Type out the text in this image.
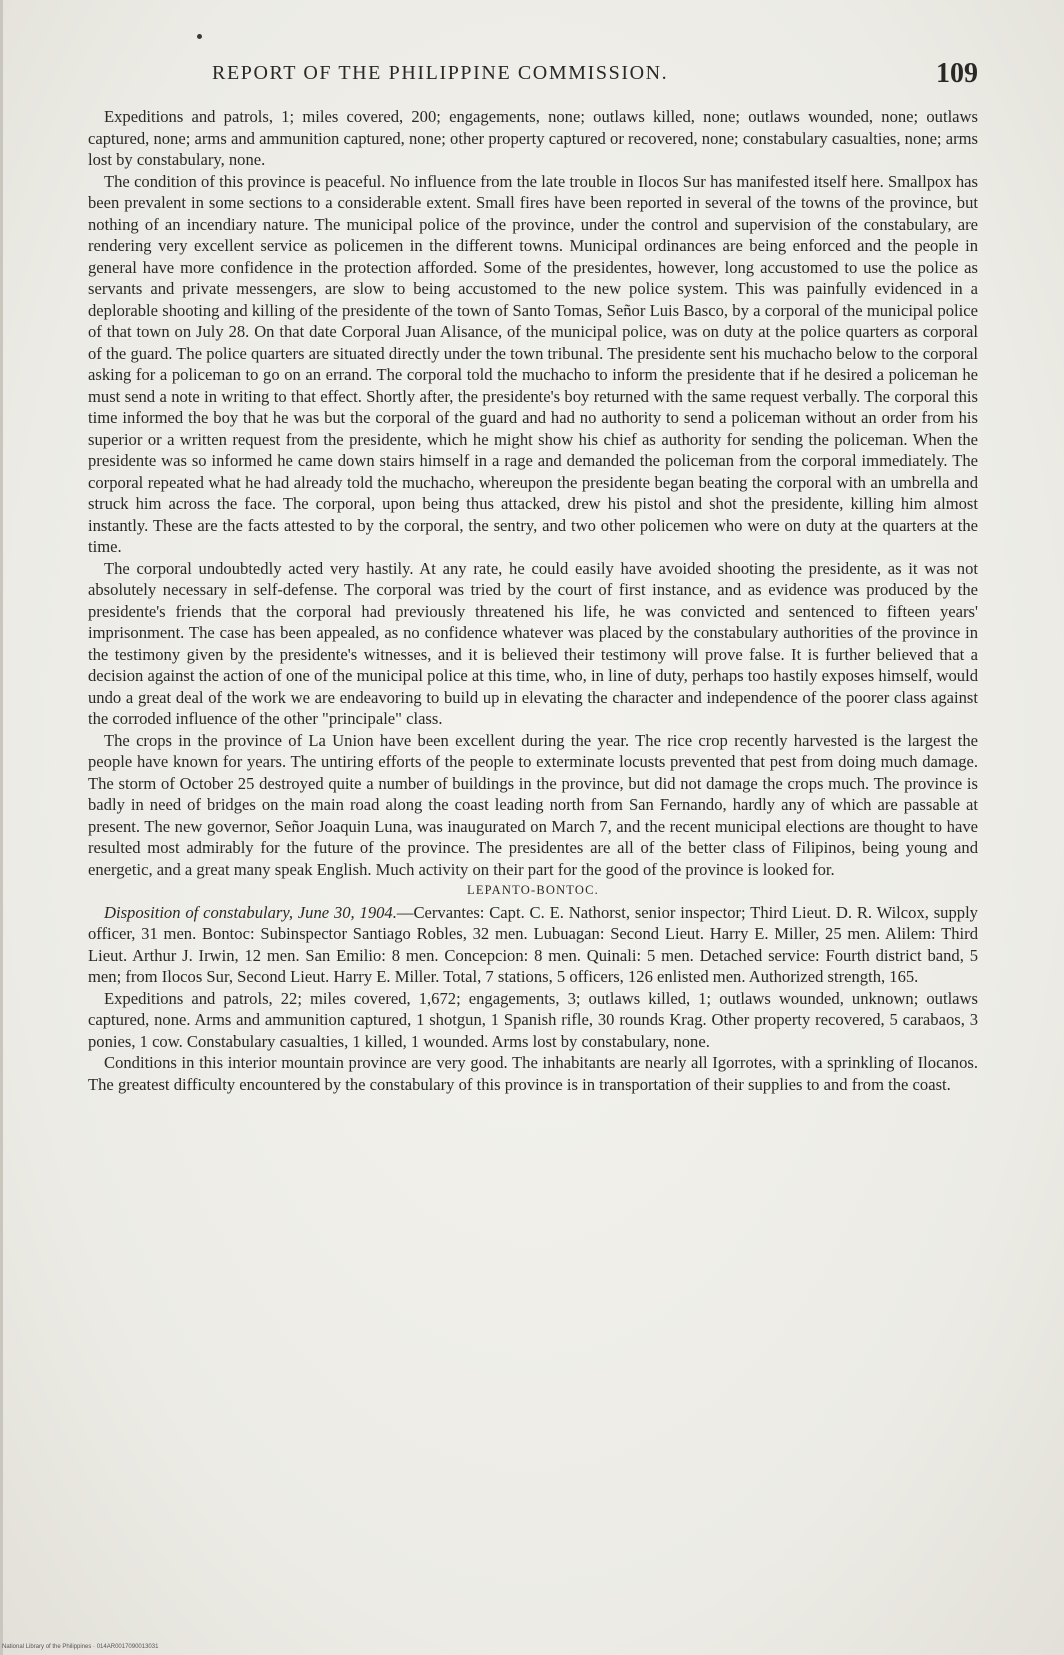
REPORT OF THE PHILIPPINE COMMISSION.	109

Expeditions and patrols, 1; miles covered, 200; engagements, none; outlaws killed, none; outlaws wounded, none; outlaws captured, none; arms and ammunition captured, none; other property captured or recovered, none; constabulary casualties, none; arms lost by constabulary, none.

The condition of this province is peaceful. No influence from the late trouble in Ilocos Sur has manifested itself here. Smallpox has been prevalent in some sections to a considerable extent. Small fires have been reported in several of the towns of the province, but nothing of an incendiary nature. The municipal police of the province, under the control and supervision of the constabulary, are rendering very excellent service as policemen in the different towns. Municipal ordinances are being enforced and the people in general have more confidence in the protection afforded. Some of the presidentes, however, long accustomed to use the police as servants and private messengers, are slow to being accustomed to the new police system. This was painfully evidenced in a deplorable shooting and killing of the presidente of the town of Santo Tomas, Señor Luis Basco, by a corporal of the municipal police of that town on July 28. On that date Corporal Juan Alisance, of the municipal police, was on duty at the police quarters as corporal of the guard. The police quarters are situated directly under the town tribunal. The presidente sent his muchacho below to the corporal asking for a policeman to go on an errand. The corporal told the muchacho to inform the presidente that if he desired a policeman he must send a note in writing to that effect. Shortly after, the presidente's boy returned with the same request verbally. The corporal this time informed the boy that he was but the corporal of the guard and had no authority to send a policeman without an order from his superior or a written request from the presidente, which he might show his chief as authority for sending the policeman. When the presidente was so informed he came down stairs himself in a rage and demanded the policeman from the corporal immediately. The corporal repeated what he had already told the muchacho, whereupon the presidente began beating the corporal with an umbrella and struck him across the face. The corporal, upon being thus attacked, drew his pistol and shot the presidente, killing him almost instantly. These are the facts attested to by the corporal, the sentry, and two other policemen who were on duty at the quarters at the time.

The corporal undoubtedly acted very hastily. At any rate, he could easily have avoided shooting the presidente, as it was not absolutely necessary in self-defense. The corporal was tried by the court of first instance, and as evidence was produced by the presidente's friends that the corporal had previously threatened his life, he was convicted and sentenced to fifteen years' imprisonment. The case has been appealed, as no confidence whatever was placed by the constabulary authorities of the province in the testimony given by the presidente's witnesses, and it is believed their testimony will prove false. It is further believed that a decision against the action of one of the municipal police at this time, who, in line of duty, perhaps too hastily exposes himself, would undo a great deal of the work we are endeavoring to build up in elevating the character and independence of the poorer class against the corroded influence of the other "principale" class.

The crops in the province of La Union have been excellent during the year. The rice crop recently harvested is the largest the people have known for years. The untiring efforts of the people to exterminate locusts prevented that pest from doing much damage. The storm of October 25 destroyed quite a number of buildings in the province, but did not damage the crops much. The province is badly in need of bridges on the main road along the coast leading north from San Fernando, hardly any of which are passable at present. The new governor, Señor Joaquin Luna, was inaugurated on March 7, and the recent municipal elections are thought to have resulted most admirably for the future of the province. The presidentes are all of the better class of Filipinos, being young and energetic, and a great many speak English. Much activity on their part for the good of the province is looked for.

LEPANTO-BONTOC.

Disposition of constabulary, June 30, 1904.—Cervantes: Capt. C. E. Nathorst, senior inspector; Third Lieut. D. R. Wilcox, supply officer, 31 men. Bontoc: Subinspector Santiago Robles, 32 men. Lubuagan: Second Lieut. Harry E. Miller, 25 men. Alilem: Third Lieut. Arthur J. Irwin, 12 men. San Emilio: 8 men. Concepcion: 8 men. Quinali: 5 men. Detached service: Fourth district band, 5 men; from Ilocos Sur, Second Lieut. Harry E. Miller. Total, 7 stations, 5 officers, 126 enlisted men. Authorized strength, 165.

Expeditions and patrols, 22; miles covered, 1,672; engagements, 3; outlaws killed, 1; outlaws wounded, unknown; outlaws captured, none. Arms and ammunition captured, 1 shotgun, 1 Spanish rifle, 30 rounds Krag. Other property recovered, 5 carabaos, 3 ponies, 1 cow. Constabulary casualties, 1 killed, 1 wounded. Arms lost by constabulary, none.

Conditions in this interior mountain province are very good. The inhabitants are nearly all Igorrotes, with a sprinkling of Ilocanos. The greatest difficulty encountered by the constabulary of this province is in transportation of their supplies to and from the coast.

National Library of the Philippines · 014AR0017090013031
